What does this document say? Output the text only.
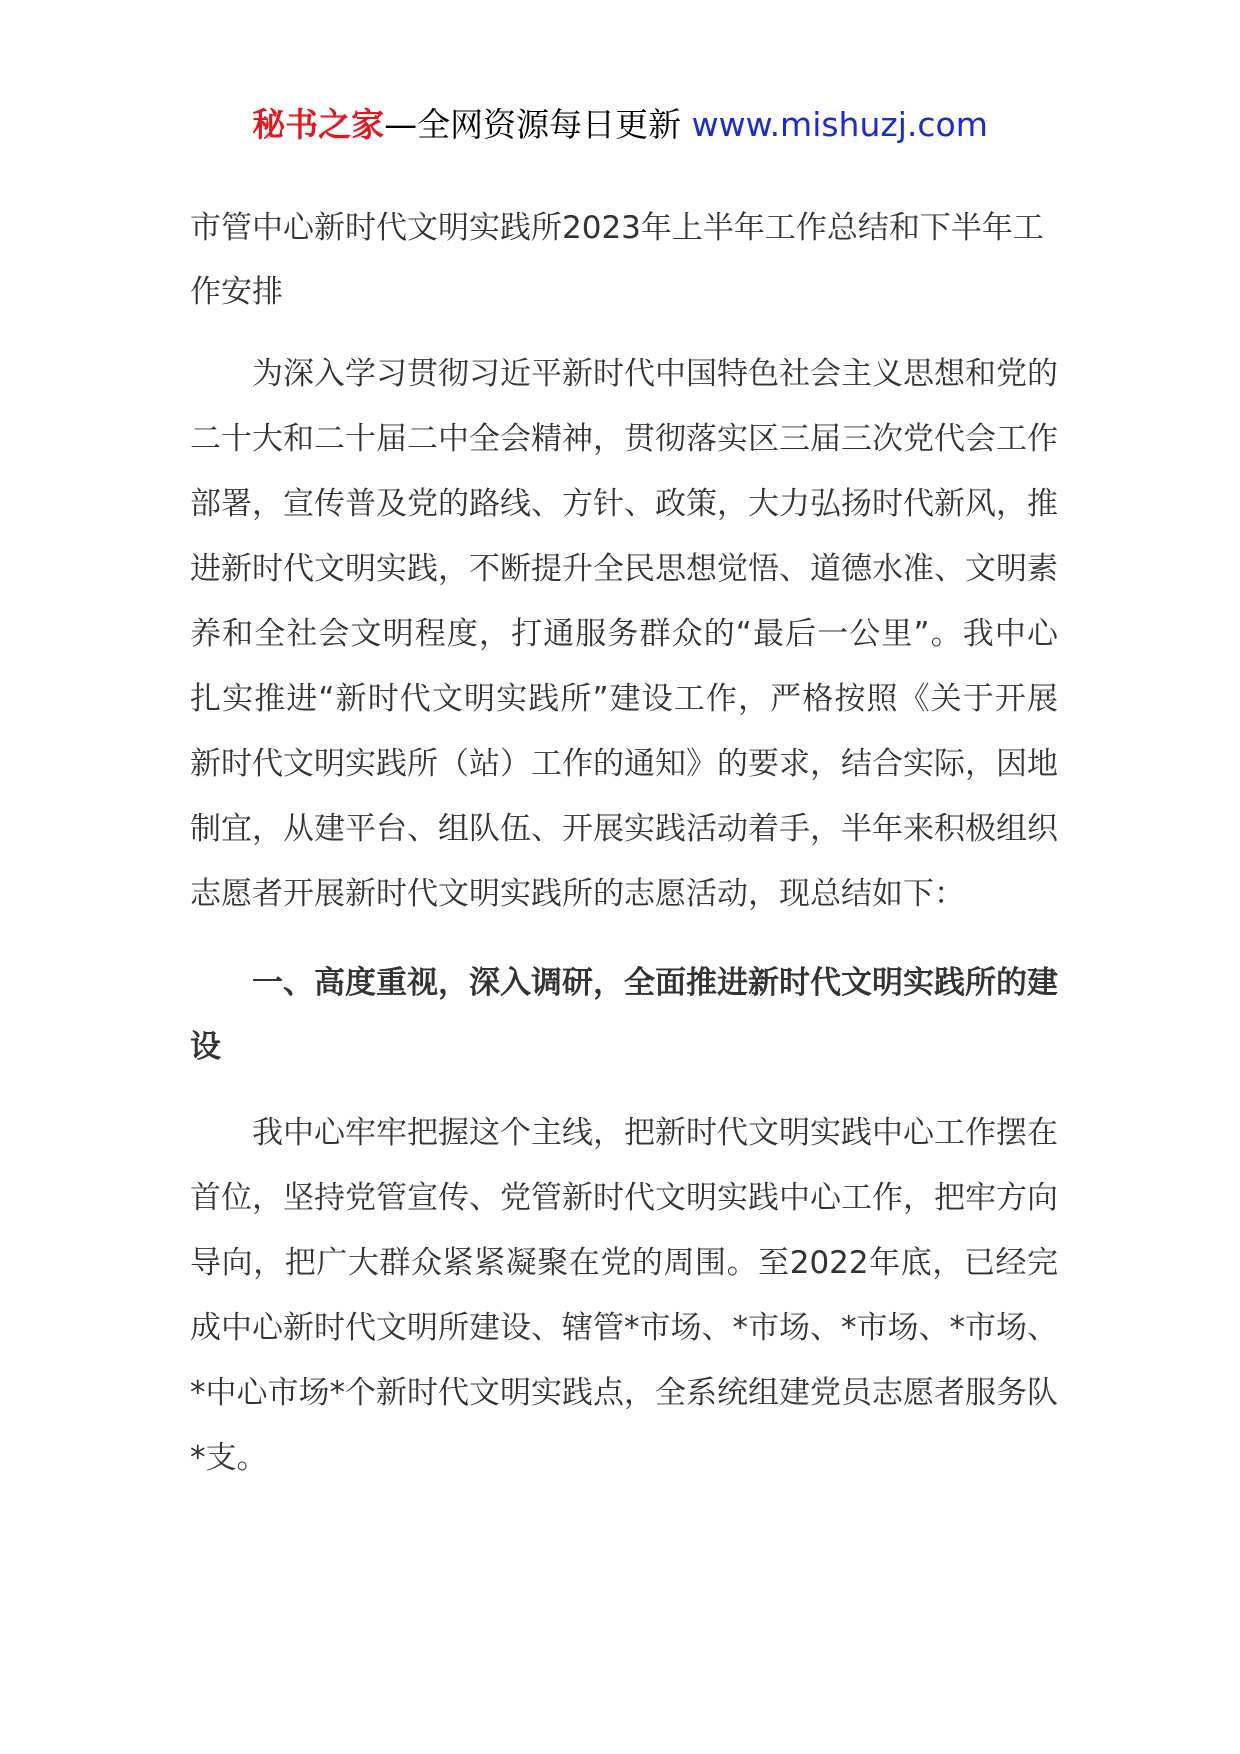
秘书之家—全网资源每日更新 www.mishuzj.com
市管中心新时代文明实践所2023年上半年工作总结和下半年工作安排

为深入学习贯彻习近平新时代中国特色社会主义思想和党的二十大和二十届二中全会精神，贯彻落实区三届三次党代会工作部署，宣传普及党的路线、方针、政策，大力弘扬时代新风，推进新时代文明实践，不断提升全民思想觉悟、道德水准、文明素养和全社会文明程度，打通服务群众的“最后一公里”。我中心扎实推进“新时代文明实践所”建设工作，严格按照《关于开展新时代文明实践所（站）工作的通知》的要求，结合实际，因地制宜，从建平台、组队伍、开展实践活动着手，半年来积极组织志愿者开展新时代文明实践所的志愿活动，现总结如下：

一、高度重视，深入调研，全面推进新时代文明实践所的建设

我中心牢牢把握这个主线，把新时代文明实践中心工作摆在首位，坚持党管宣传、党管新时代文明实践中心工作，把牢方向导向，把广大群众紧紧凝聚在党的周围。至2022年底，已经完成中心新时代文明所建设、辖管*市场、*市场、*市场、*市场、*中心市场*个新时代文明实践点，全系统组建党员志愿者服务队*支。
